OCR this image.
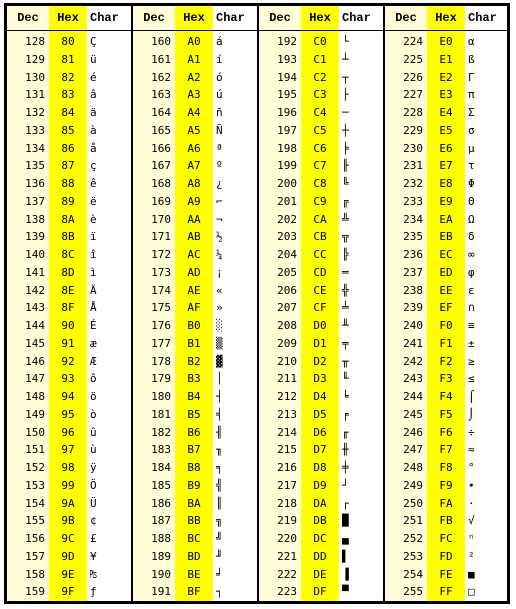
Dec	Hex Char
128	80	Ç
129	81	ü
130	82	é
131	83	â
132	84	ä
133	85	à
134	86	å
135	87	ç
136	88	ê
137	89	ë
138	8A	è
139	8B	ï
140	8C	î
141	8D	ì
142	8E	Ä
143	8F	Å
144	90	É
145	91	æ
146	92	Æ
147	93	ô
148	94	ö
149	95	ò
150	96	û
151	97	ù
152	98	ÿ
153	99	Ö
154	9A	Ü
155	9B	¢
156	9C	£
157	9D	¥
158	9E	₧
159	9F	ƒ
Dec	Hex Char
160	A0	á
161	A1	í
162	A2	ó
163	A3	ú
164	A4	ñ
165	A5	Ñ
166	A6	ª
167	A7	º
168	A8	¿
169	A9	⌐
170	AA	¬
171	AB	½
172	AC	¼
173	AD	¡
174	AE	«
175	AF	»
176	B0	░
177	B1	▒
178	B2	▓
179	B3	│
180	B4	┤
181	B5	╡
182	B6	╢
183	B7	╖
184	B8	╕
185	B9	╣
186	BA	║
187	BB	╗
188	BC	╝
189	BD	╜
190	BE	╛
191	BF	┐
Dec	Hex Char
192	C0	└
193	C1	┴
194	C2	┬
195	C3	├
196	C4	─
197	C5	┼
198	C6	╞
199	C7	╟
200	C8	╚
201	C9	╔
202	CA	╩
203	CB	╦
204	CC	╠
205	CD	═
206	CE	╬
207	CF	╧
208	D0	╨
209	D1	╤
210	D2	╥
211	D3	╙
212	D4	╘
213	D5	╒
214	D6	╓
215	D7	╫
216	D8	╪
217	D9	┘
218	DA	┌
219	DB	█
220	DC	▄
221	DD	▌
222	DE	▐
223	DF	▀
Dec	Hex Char
224	E0	α
225	E1	ß
226	E2	Γ
227	E3	π
228	E4	Σ
229	E5	σ
230	E6	µ
231	E7	τ
232	E8	Φ
233	E9	Θ
234	EA	Ω
235	EB	δ
236	EC	∞
237	ED	φ
238	EE	ε
239	EF	∩
240	F0	≡
241	F1	±
242	F2	≥
243	F3	≤
244	F4	⌠
245	F5	⌡
246	F6	÷
247	F7	≈
248	F8	°
249	F9	∙
250	FA	·
251	FB	√
252	FC	ⁿ
253	FD	²
254	FE	■
255	FF	□
